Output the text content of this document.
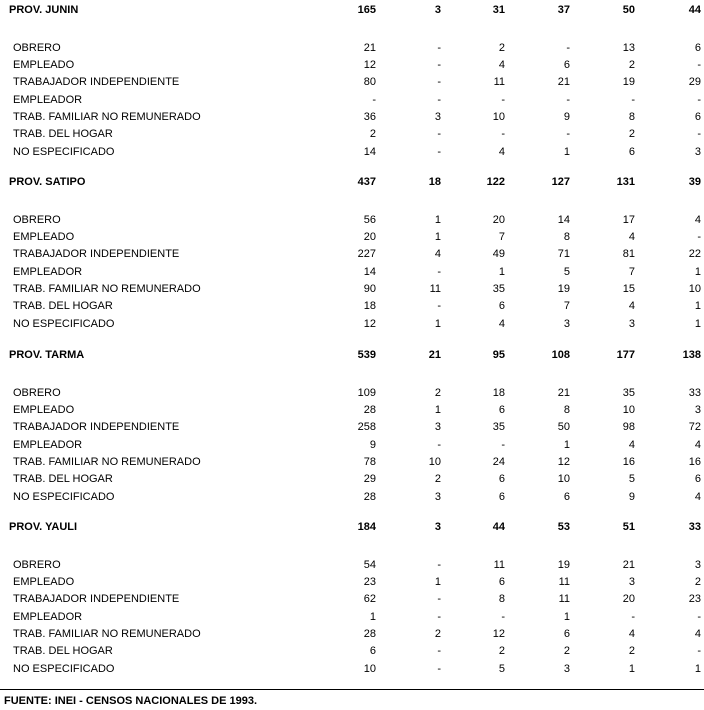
PROV. JUNIN	165	3	31	37	50	44
OBRERO	21	-	2	-	13	6
EMPLEADO	12	-	4	6	2	-
TRABAJADOR INDEPENDIENTE	80	-	11	21	19	29
EMPLEADOR	-	-	-	-	-	-
TRAB. FAMILIAR NO REMUNERADO	36	3	10	9	8	6
TRAB. DEL HOGAR	2	-	-	-	2	-
NO ESPECIFICADO	14	-	4	1	6	3
PROV. SATIPO	437	18	122	127	131	39
OBRERO	56	1	20	14	17	4
EMPLEADO	20	1	7	8	4	-
TRABAJADOR INDEPENDIENTE	227	4	49	71	81	22
EMPLEADOR	14	-	1	5	7	1
TRAB. FAMILIAR NO REMUNERADO	90	11	35	19	15	10
TRAB. DEL HOGAR	18	-	6	7	4	1
NO ESPECIFICADO	12	1	4	3	3	1
PROV. TARMA	539	21	95	108	177	138
OBRERO	109	2	18	21	35	33
EMPLEADO	28	1	6	8	10	3
TRABAJADOR INDEPENDIENTE	258	3	35	50	98	72
EMPLEADOR	9	-	-	1	4	4
TRAB. FAMILIAR NO REMUNERADO	78	10	24	12	16	16
TRAB. DEL HOGAR	29	2	6	10	5	6
NO ESPECIFICADO	28	3	6	6	9	4
PROV. YAULI	184	3	44	53	51	33
OBRERO	54	-	11	19	21	3
EMPLEADO	23	1	6	11	3	2
TRABAJADOR INDEPENDIENTE	62	-	8	11	20	23
EMPLEADOR	1	-	-	1	-	-
TRAB. FAMILIAR NO REMUNERADO	28	2	12	6	4	4
TRAB. DEL HOGAR	6	-	2	2	2	-
NO ESPECIFICADO	10	-	5	3	1	1
FUENTE: INEI - CENSOS NACIONALES DE 1993.
